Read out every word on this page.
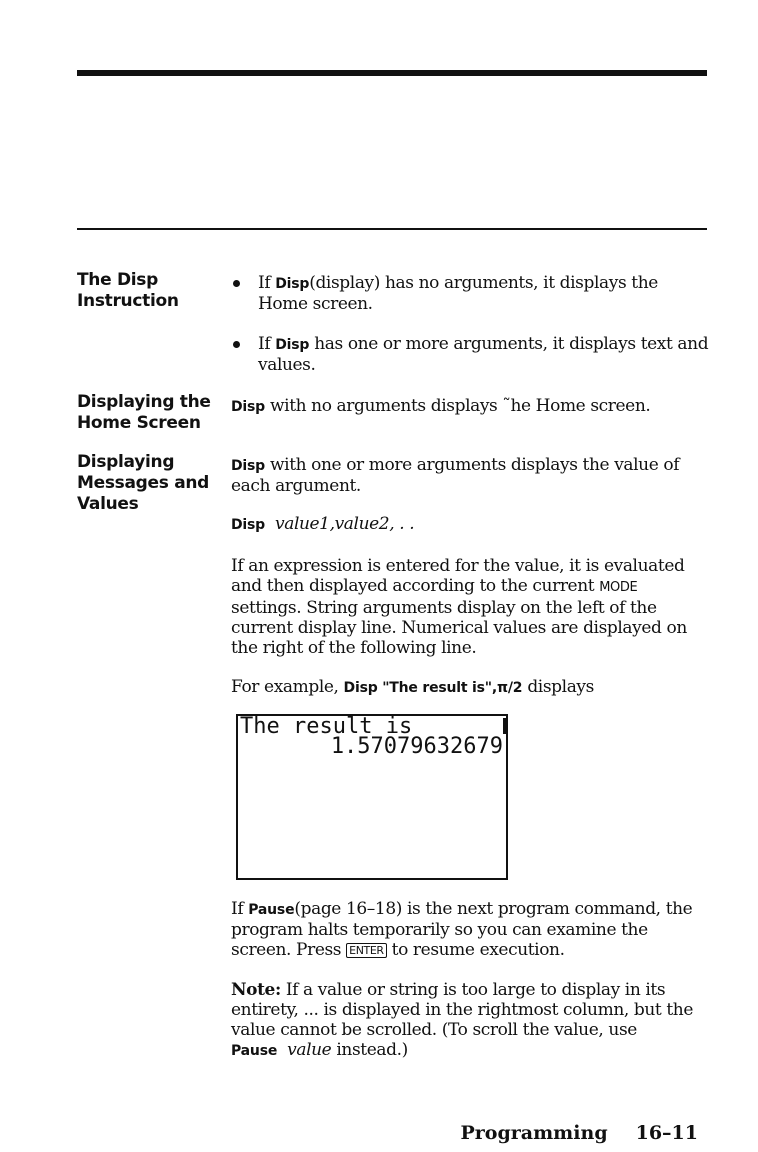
The Disp
Instruction
Displaying the
Home Screen
Displaying
Messages and
Values
If Disp(display) has no arguments, it displays the
Home screen.
If Disp has one or more arguments, it displays text and
values.
Disp with no arguments displays ˜he Home screen.
Disp with one or more arguments displays the value of
each argument.
Disp value1,value2, . .
If an expression is entered for the value, it is evaluated
and then displayed according to the current MODE
settings. String arguments display on the left of the
current display line. Numerical values are displayed on
the right of the following line.
For example, Disp "The result is",π/2 displays
The result is
1.57079632679
If Pause(page 16–18) is the next program command, the
program halts temporarily so you can examine the
screen. Press ENTER to resume execution.
Note: If a value or string is too large to display in its
entirety, ... is displayed in the rightmost column, but the
value cannot be scrolled. (To scroll the value, use
Pause value instead.)
Programming 16–11
